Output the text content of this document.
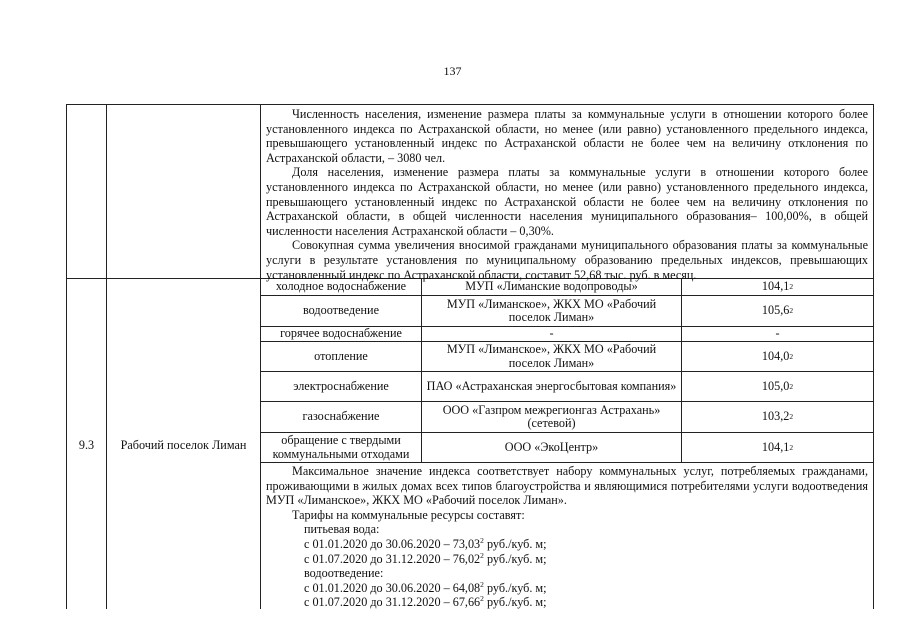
137
Численность населения, изменение размера платы за коммунальные услуги в отношении которого более установленного индекса по Астраханской области, но менее (или равно) установленного предельного индекса, превышающего установленный индекс по Астраханской области не более чем на величину отклонения по Астраханской области, – 3080 чел.
Доля населения, изменение размера платы за коммунальные услуги в отношении которого более установленного индекса по Астраханской области, но менее (или равно) установленного предельного индекса, превышающего установленный индекс по Астраханской области не более чем на величину отклонения по Астраханской области, в общей численности населения муниципального образования– 100,00%, в общей численности населения Астраханской области – 0,30%.
Совокупная сумма увеличения вносимой гражданами муниципального образования платы за коммунальные услуги в результате установления по муниципальному образованию предельных индексов, превышающих установленный индекс по Астраханской области, составит 52,68 тыс. руб. в месяц.
9.3	Рабочий поселок Лиман
холодное водоснабжение	МУП «Лиманские водопроводы»	104,1 2
водоотведение	МУП «Лиманское», ЖКХ МО «Рабочий поселок Лиман»	105,6 2
горячее водоснабжение	-	-
отопление	МУП «Лиманское», ЖКХ МО «Рабочий поселок Лиман»	104,0 2
электроснабжение	ПАО «Астраханская энергосбытовая компания»	105,0 2
газоснабжение	ООО «Газпром межрегионгаз Астрахань» (сетевой)	103,2 2
обращение с твердыми коммунальными отходами	ООО «ЭкоЦентр»	104,1 2
Максимальное значение индекса соответствует набору коммунальных услуг, потребляемых гражданами, проживающими в жилых домах всех типов благоустройства и являющимися потребителями услуги водоотведения МУП «Лиманское», ЖКХ МО «Рабочий поселок Лиман».
Тарифы на коммунальные ресурсы составят:
питьевая вода:
с 01.01.2020 до 30.06.2020 – 73,03$^2$ руб./куб. м;
с 01.07.2020 до 31.12.2020 – 76,02$^2$ руб./куб. м;
водоотведение:
с 01.01.2020 до 30.06.2020 – 64,08$^2$ руб./куб. м;
с 01.07.2020 до 31.12.2020 – 67,66$^2$ руб./куб. м;
